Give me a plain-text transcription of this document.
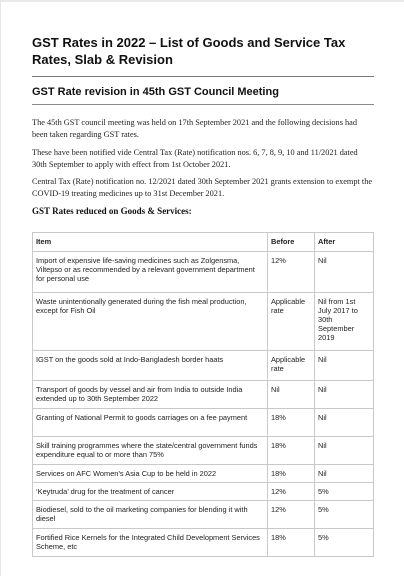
GST Rates in 2022 – List of Goods and Service Tax Rates, Slab & Revision
GST Rate revision in 45th GST Council Meeting

The 45th GST council meeting was held on 17th September 2021 and the following decisions had been taken regarding GST rates.

These have been notified vide Central Tax (Rate) notification nos. 6, 7, 8, 9, 10 and 11/2021 dated 30th September to apply with effect from 1st October 2021.

Central Tax (Rate) notification no. 12/2021 dated 30th September 2021 grants extension to exempt the COVID-19 treating medicines up to 31st December 2021.

GST Rates reduced on Goods & Services:
Item	Before	After
Import of expensive life-saving medicines such as Zolgensma, Viltepso or as recommended by a relevant government department for personal use	12%	Nil
Waste unintentionally generated during the fish meal production, except for Fish Oil	Applicable rate	Nil from 1st July 2017 to 30th September 2019
IGST on the goods sold at Indo-Bangladesh border haats	Applicable rate	Nil
Transport of goods by vessel and air from India to outside India extended up to 30th September 2022	Nil	Nil
Granting of National Permit to goods carriages on a fee payment	18%	Nil
Skill training programmes where the state/central government funds expenditure equal to or more than 75%	18%	Nil
Services on AFC Women’s Asia Cup to be held in 2022	18%	Nil
‘Keytruda’ drug for the treatment of cancer	12%	5%
Biodiesel, sold to the oil marketing companies for blending it with diesel	12%	5%
Fortified Rice Kernels for the Integrated Child Development Services Scheme, etc	18%	5%
